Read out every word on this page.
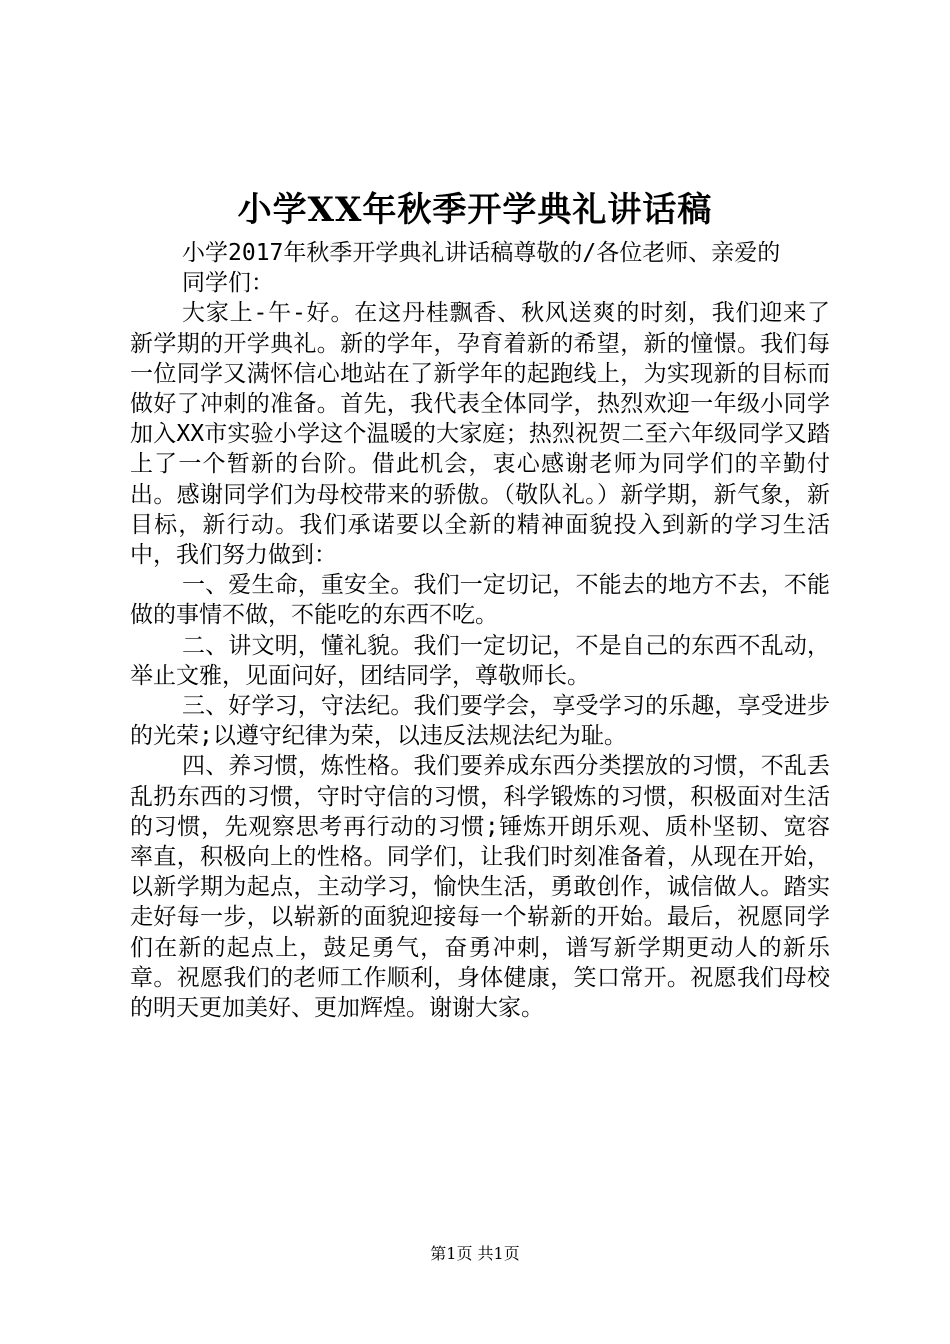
小学XX年秋季开学典礼讲话稿

小学2017年秋季开学典礼讲话稿尊敬的/各位老师、亲爱的

同学们：

大家上-午-好。在这丹桂飘香、秋风送爽的时刻，我们迎来了新学期的开学典礼。新的学年，孕育着新的希望，新的憧憬。我们每一位同学又满怀信心地站在了新学年的起跑线上，为实现新的目标而做好了冲刺的准备。首先，我代表全体同学，热烈欢迎一年级小同学加入XX市实验小学这个温暖的大家庭；热烈祝贺二至六年级同学又踏上了一个暂新的台阶。借此机会，衷心感谢老师为同学们的辛勤付出。感谢同学们为母校带来的骄傲。（敬队礼。）新学期，新气象，新目标，新行动。我们承诺要以全新的精神面貌投入到新的学习生活中，我们努力做到：

一、爱生命，重安全。我们一定切记，不能去的地方不去，不能做的事情不做，不能吃的东西不吃。

二、讲文明，懂礼貌。我们一定切记，不是自己的东西不乱动，举止文雅，见面问好，团结同学，尊敬师长。

三、好学习，守法纪。我们要学会，享受学习的乐趣，享受进步的光荣;以遵守纪律为荣，以违反法规法纪为耻。

四、养习惯，炼性格。我们要养成东西分类摆放的习惯，不乱丢乱扔东西的习惯，守时守信的习惯，科学锻炼的习惯，积极面对生活的习惯，先观察思考再行动的习惯;锤炼开朗乐观、质朴坚韧、宽容率直，积极向上的性格。同学们，让我们时刻准备着，从现在开始，以新学期为起点，主动学习，愉快生活，勇敢创作，诚信做人。踏实走好每一步，以崭新的面貌迎接每一个崭新的开始。最后，祝愿同学们在新的起点上，鼓足勇气，奋勇冲刺，谱写新学期更动人的新乐章。祝愿我们的老师工作顺利，身体健康，笑口常开。祝愿我们母校的明天更加美好、更加辉煌。谢谢大家。

第1页 共1页
